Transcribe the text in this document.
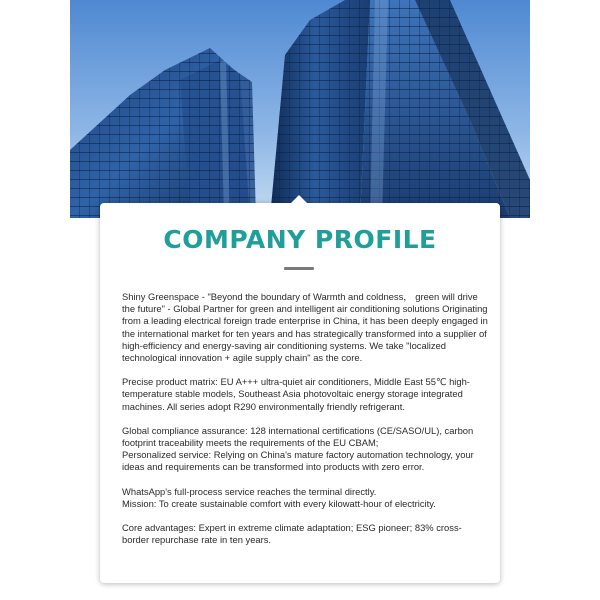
COMPANY PROFILE

Shiny Greenspace - "Beyond the boundary of Warmth and coldness， green will drive the future" - Global Partner for green and intelligent air conditioning solutions Originating from a leading electrical foreign trade enterprise in China, it has been deeply engaged in the international market for ten years and has strategically transformed into a supplier of high-efficiency and energy-saving air conditioning systems. We take "localized technological innovation + agile supply chain" as the core.

Precise product matrix: EU A+++ ultra-quiet air conditioners, Middle East 55℃ high-temperature stable models, Southeast Asia photovoltaic energy storage integrated machines. All series adopt R290 environmentally friendly refrigerant.

Global compliance assurance: 128 international certifications (CE/SASO/UL), carbon footprint traceability meets the requirements of the EU CBAM;
Personalized service: Relying on China's mature factory automation technology, your ideas and requirements can be transformed into products with zero error.

WhatsApp's full-process service reaches the terminal directly.
Mission: To create sustainable comfort with every kilowatt-hour of electricity.

Core advantages: Expert in extreme climate adaptation; ESG pioneer; 83% cross-border repurchase rate in ten years.
